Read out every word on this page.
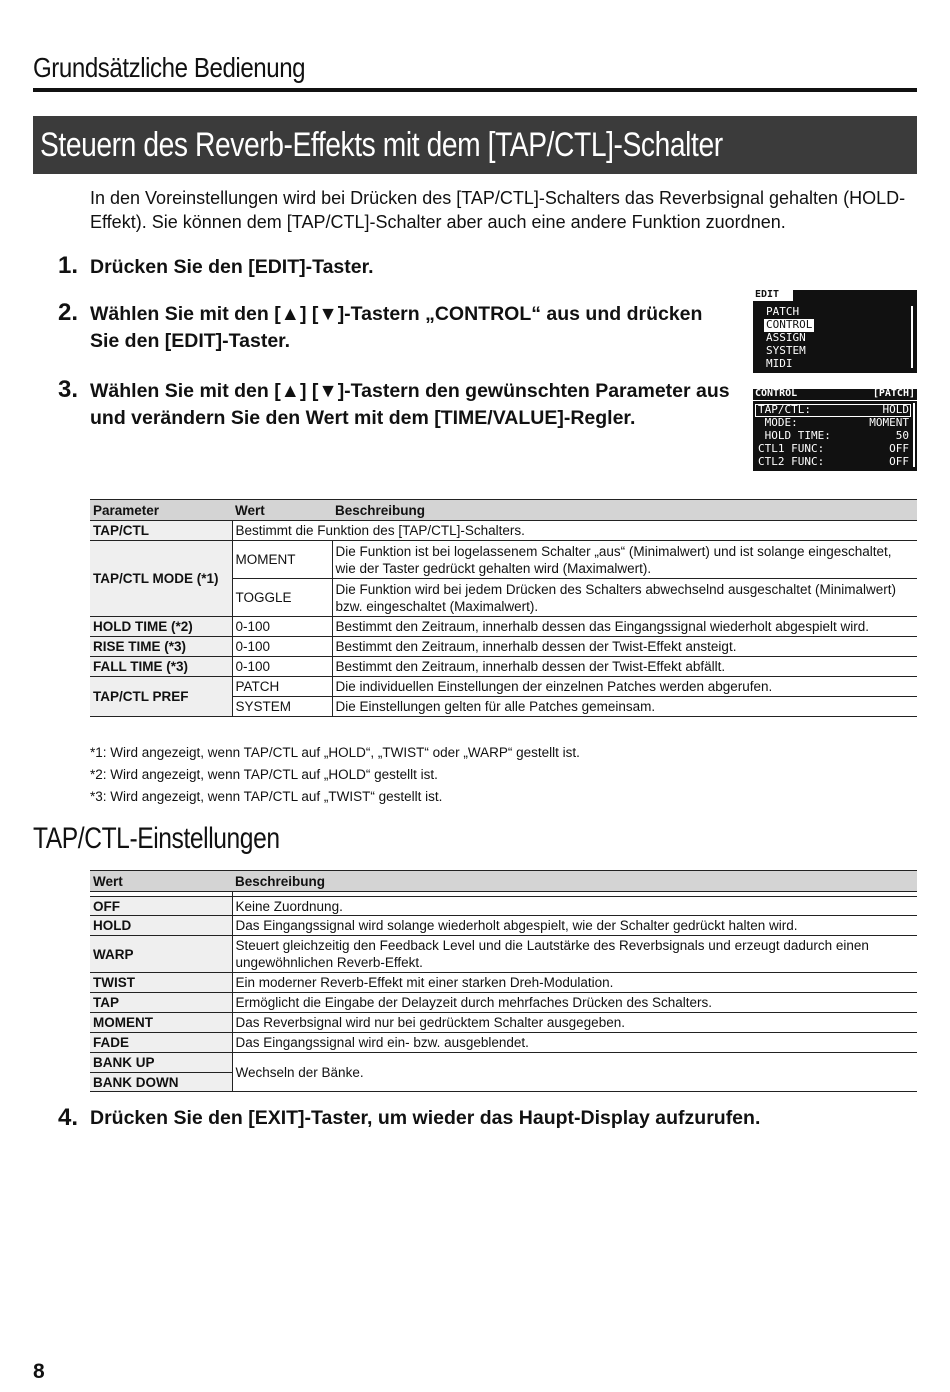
Grundsätzliche Bedienung
Steuern des Reverb-Effekts mit dem [TAP/CTL]-Schalter
In den Voreinstellungen wird bei Drücken des [TAP/CTL]-Schalters das Reverbsignal gehalten (HOLD-Effekt). Sie können dem [TAP/CTL]-Schalter aber auch eine andere Funktion zuordnen.
1. Drücken Sie den [EDIT]-Taster.
2. Wählen Sie mit den [▲] [▼]-Tastern „CONTROL“ aus und drücken Sie den [EDIT]-Taster.
3. Wählen Sie mit den [▲] [▼]-Tastern den gewünschten Parameter aus und verändern Sie den Wert mit dem [TIME/VALUE]-Regler.
EDIT
PATCH
CONTROL
ASSIGN
SYSTEM
MIDI
CONTROL	[PATCH]
TAP/CTL:	HOLD
MODE:	MOMENT
HOLD TIME:	50
CTL1 FUNC:	OFF
CTL2 FUNC:	OFF
Parameter	Wert	Beschreibung
TAP/CTL	Bestimmt die Funktion des [TAP/CTL]-Schalters.	
TAP/CTL MODE (*1)	MOMENT	Die Funktion ist bei logelassenem Schalter „aus“ (Minimalwert) und ist solange eingeschaltet, wie der Taster gedrückt gehalten wird (Maximalwert).
	TOGGLE	Die Funktion wird bei jedem Drücken des Schalters abwechselnd ausgeschaltet (Minimalwert) bzw. eingeschaltet (Maximalwert).
HOLD TIME (*2)	0-100	Bestimmt den Zeitraum, innerhalb dessen das Eingangssignal wiederholt abgespielt wird.
RISE TIME (*3)	0-100	Bestimmt den Zeitraum, innerhalb dessen der Twist-Effekt ansteigt.
FALL TIME (*3)	0-100	Bestimmt den Zeitraum, innerhalb dessen der Twist-Effekt abfällt.
TAP/CTL PREF	PATCH	Die individuellen Einstellungen der einzelnen Patches werden abgerufen.
	SYSTEM	Die Einstellungen gelten für alle Patches gemeinsam.
*1: Wird angezeigt, wenn TAP/CTL auf „HOLD“, „TWIST“ oder „WARP“ gestellt ist.
*2: Wird angezeigt, wenn TAP/CTL auf „HOLD“ gestellt ist.
*3: Wird angezeigt, wenn TAP/CTL auf „TWIST“ gestellt ist.
TAP/CTL-Einstellungen
Wert	Beschreibung

OFF	Keine Zuordnung.
HOLD	Das Eingangssignal wird solange wiederholt abgespielt, wie der Schalter gedrückt halten wird.
WARP	Steuert gleichzeitig den Feedback Level und die Lautstärke des Reverbsignals und erzeugt dadurch einen ungewöhnlichen Reverb-Effekt.
TWIST	Ein moderner Reverb-Effekt mit einer starken Dreh-Modulation.
TAP	Ermöglicht die Eingabe der Delayzeit durch mehrfaches Drücken des Schalters.
MOMENT	Das Reverbsignal wird nur bei gedrücktem Schalter ausgegeben.
FADE	Das Eingangssignal wird ein- bzw. ausgeblendet.
BANK UP	Wechseln der Bänke.
BANK DOWN	
4. Drücken Sie den [EXIT]-Taster, um wieder das Haupt-Display aufzurufen.
8
